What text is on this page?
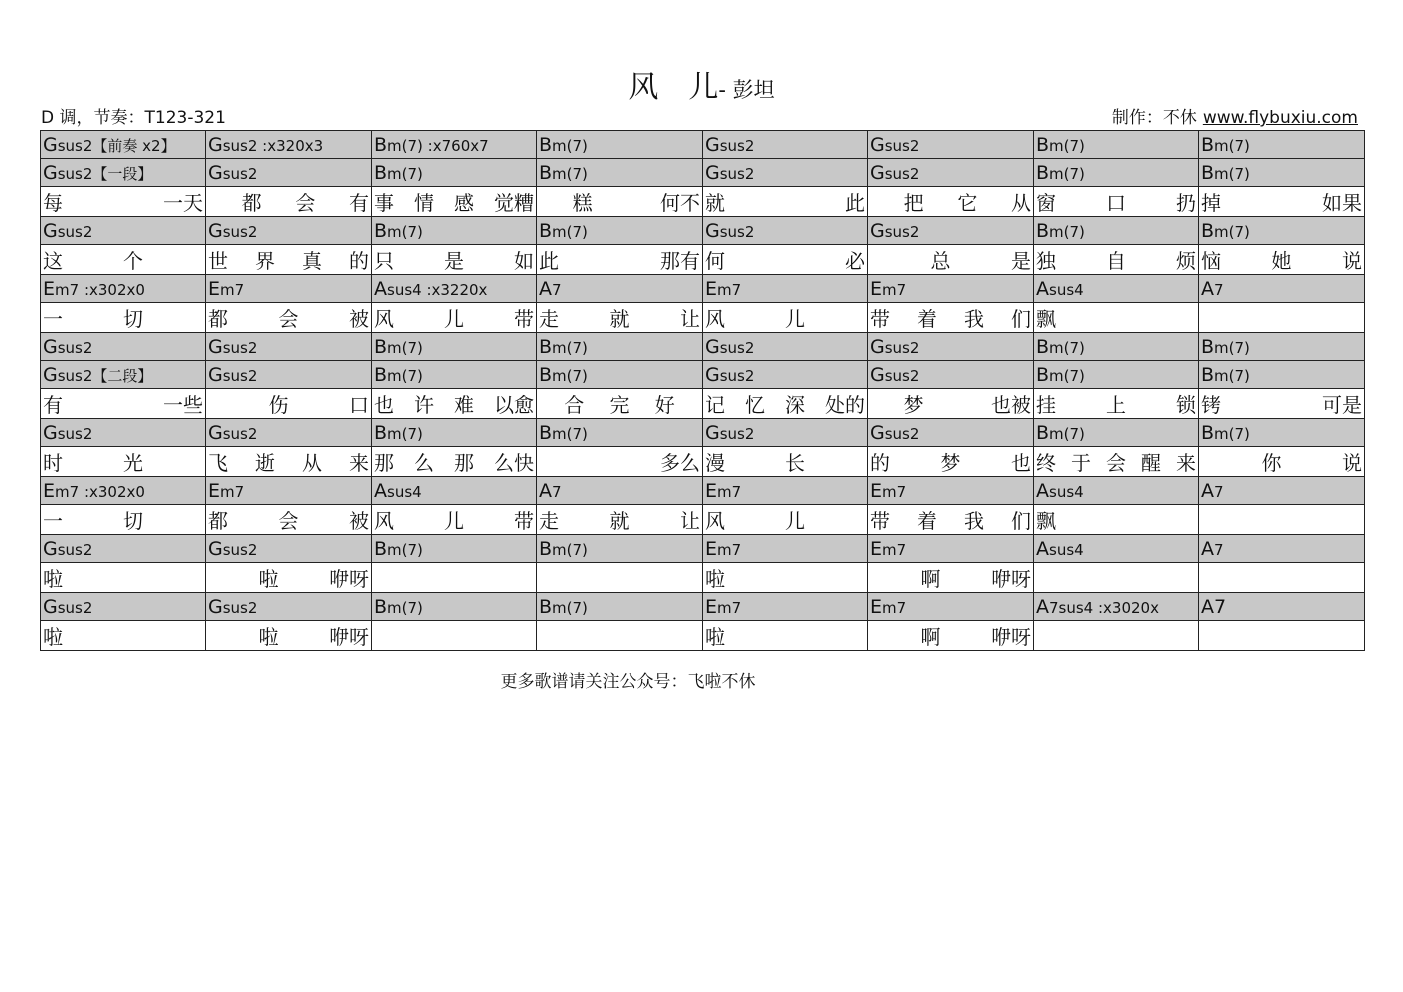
风　儿- 彭坦
D 调，节奏：T123-321	制作：不休 www.flybuxiu.com
Gsus2【前奏 x2】	Gsus2 :x320x3	Bm(7) :x760x7	Bm(7)	Gsus2	Gsus2	Bm(7)	Bm(7)
Gsus2【一段】	Gsus2	Bm(7)	Bm(7)	Gsus2	Gsus2	Bm(7)	Bm(7)

每 一天	都 会 有	事 情 感 觉糟	糕 何不	就 此	把 它 从	窗 口 扔	掉 如果

Gsus2	Gsus2	Bm(7)	Bm(7)	Gsus2	Gsus2	Bm(7)	Bm(7)

这 个	世 界 真 的	只 是 如	此 那有	何 必	总 是	独 自 烦	恼 她 说

Em7 :x302x0	Em7	Asus4 :x3220x	A7	Em7	Em7	Asus4	A7

一 切	都 会 被	风 儿 带	走 就 让	风 儿	带 着 我 们	飘	

Gsus2	Gsus2	Bm(7)	Bm(7)	Gsus2	Gsus2	Bm(7)	Bm(7)
Gsus2【二段】	Gsus2	Bm(7)	Bm(7)	Gsus2	Gsus2	Bm(7)	Bm(7)

有 一些	伤 口	也 许 难 以愈	合 完 好	记 忆 深 处的	梦 也被	挂 上 锁	铐 可是

Gsus2	Gsus2	Bm(7)	Bm(7)	Gsus2	Gsus2	Bm(7)	Bm(7)

时 光	飞 逝 从 来	那 么 那 么快	多么	漫 长	的 梦 也	终 于 会 醒 来	你 说

Em7 :x302x0	Em7	Asus4	A7	Em7	Em7	Asus4	A7

一 切	都 会 被	风 儿 带	走 就 让	风 儿	带 着 我 们	飘	

Gsus2	Gsus2	Bm(7)	Bm(7)	Em7	Em7	Asus4	A7

啦	啦 咿呀			啦	啊 咿呀		

Gsus2	Gsus2	Bm(7)	Bm(7)	Em7	Em7	A7sus4 :x3020x	A7

啦	啦 咿呀			啦	啊 咿呀		

更多歌谱请关注公众号：飞啦不休
